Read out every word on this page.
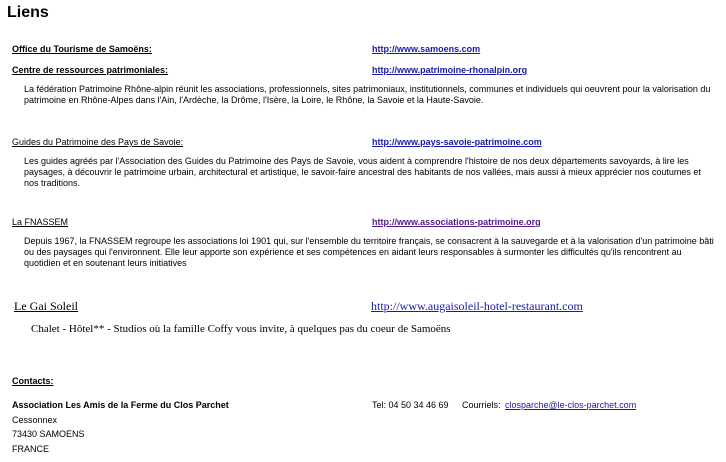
Liens
Office du Tourisme de Samoëns:	http://www.samoens.com
Centre de ressources patrimoniales:	http://www.patrimoine-rhonalpin.org
La fédération Patrimoine Rhône-alpin réunit les associations, professionnels, sites patrimoniaux, institutionnels, communes et individuels qui oeuvrent pour la valorisation du patrimoine en Rhône-Alpes dans l'Ain, l'Ardèche, la Drôme, l'Isère, la Loire, le Rhône, la Savoie et la Haute-Savoie.
Guides du Patrimoine des Pays de Savoie:	http://www.pays-savoie-patrimoine.com
Les guides agréés par l'Association des Guides du Patrimoine des Pays de Savoie, vous aident à comprendre l'histoire de nos deux départements savoyards, à lire les paysages, à découvrir le patrimoine urbain, architectural et artistique, le savoir-faire ancestral des habitants de nos vallées, mais aussi à mieux apprécier nos coutumes et nos traditions.
La FNASSEM	http://www.associations-patrimoine.org
Depuis 1967, la FNASSEM regroupe les associations loi 1901 qui, sur l'ensemble du territoire français, se consacrent à la sauvegarde et à la valorisation d'un patrimoine bâti ou des paysages qui l'environnent. Elle leur apporte son expérience et ses compétences en aidant leurs responsables à surmonter les difficultés qu'ils rencontrent au quotidien et en soutenant leurs initiatives
Le Gai Soleil	http://www.augaisoleil-hotel-restaurant.com
Chalet - Hôtel** - Studios où la famille Coffy vous invite, à quelques pas du coeur de Samoëns
Contacts:
Association Les Amis de la Ferme du Clos Parchet
Cessonnex
73430 SAMOENS
FRANCE
Tel: 04 50 34 46 69 Courriels: closparche@le-clos-parchet.com
